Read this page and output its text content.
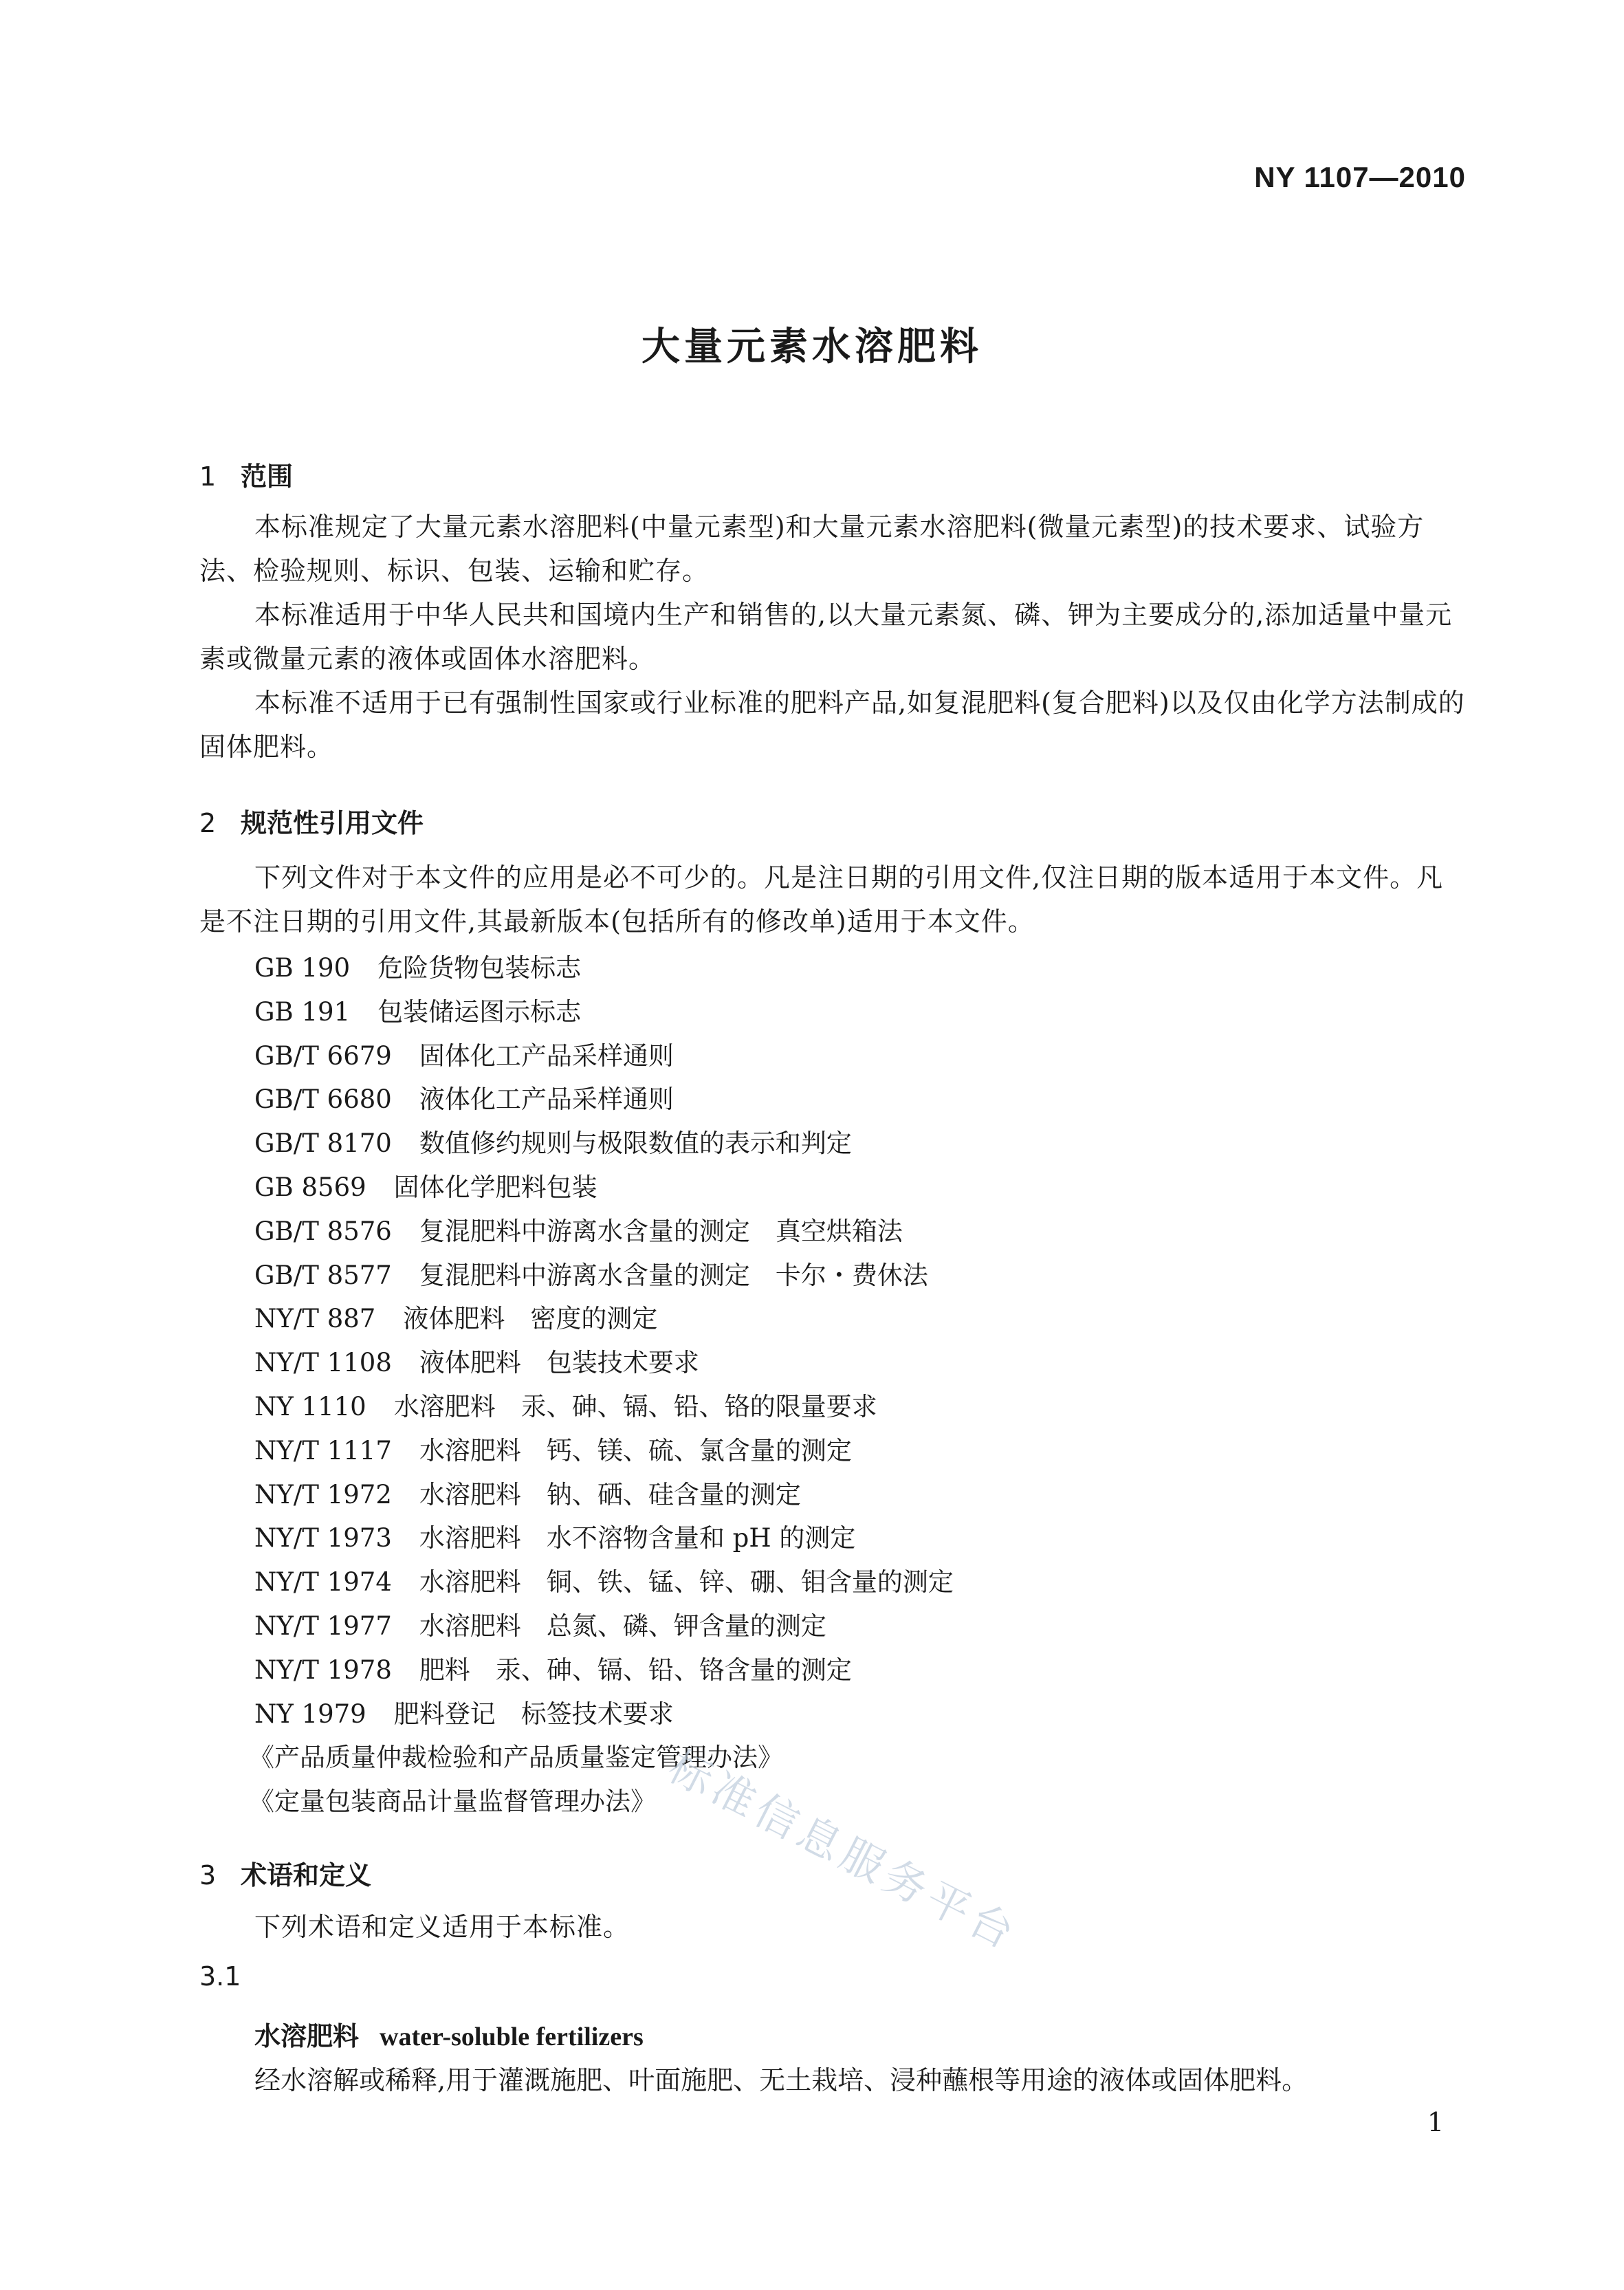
NY 1107—2010
大量元素水溶肥料
1 范围
本标准规定了大量元素水溶肥料(中量元素型)和大量元素水溶肥料(微量元素型)的技术要求、试验方法、检验规则、标识、包装、运输和贮存。
本标准适用于中华人民共和国境内生产和销售的,以大量元素氮、磷、钾为主要成分的,添加适量中量元素或微量元素的液体或固体水溶肥料。
本标准不适用于已有强制性国家或行业标准的肥料产品,如复混肥料(复合肥料)以及仅由化学方法制成的固体肥料。
2 规范性引用文件
下列文件对于本文件的应用是必不可少的。凡是注日期的引用文件,仅注日期的版本适用于本文件。凡是不注日期的引用文件,其最新版本(包括所有的修改单)适用于本文件。
GB 190 危险货物包装标志
GB 191 包装储运图示标志
GB/T 6679 固体化工产品采样通则
GB/T 6680 液体化工产品采样通则
GB/T 8170 数值修约规则与极限数值的表示和判定
GB 8569 固体化学肥料包装
GB/T 8576 复混肥料中游离水含量的测定　真空烘箱法
GB/T 8577 复混肥料中游离水含量的测定　卡尔・费休法
NY/T 887 液体肥料　密度的测定
NY/T 1108 液体肥料　包装技术要求
NY 1110 水溶肥料　汞、砷、镉、铅、铬的限量要求
NY/T 1117 水溶肥料　钙、镁、硫、氯含量的测定
NY/T 1972 水溶肥料　钠、硒、硅含量的测定
NY/T 1973 水溶肥料　水不溶物含量和 pH 的测定
NY/T 1974 水溶肥料　铜、铁、锰、锌、硼、钼含量的测定
NY/T 1977 水溶肥料　总氮、磷、钾含量的测定
NY/T 1978 肥料　汞、砷、镉、铅、铬含量的测定
NY 1979 肥料登记　标签技术要求
《产品质量仲裁检验和产品质量鉴定管理办法》
《定量包装商品计量监督管理办法》
3 术语和定义
下列术语和定义适用于本标准。
3.1
水溶肥料 water-soluble fertilizers
经水溶解或稀释,用于灌溉施肥、叶面施肥、无土栽培、浸种蘸根等用途的液体或固体肥料。
标准信息服务平台
1
